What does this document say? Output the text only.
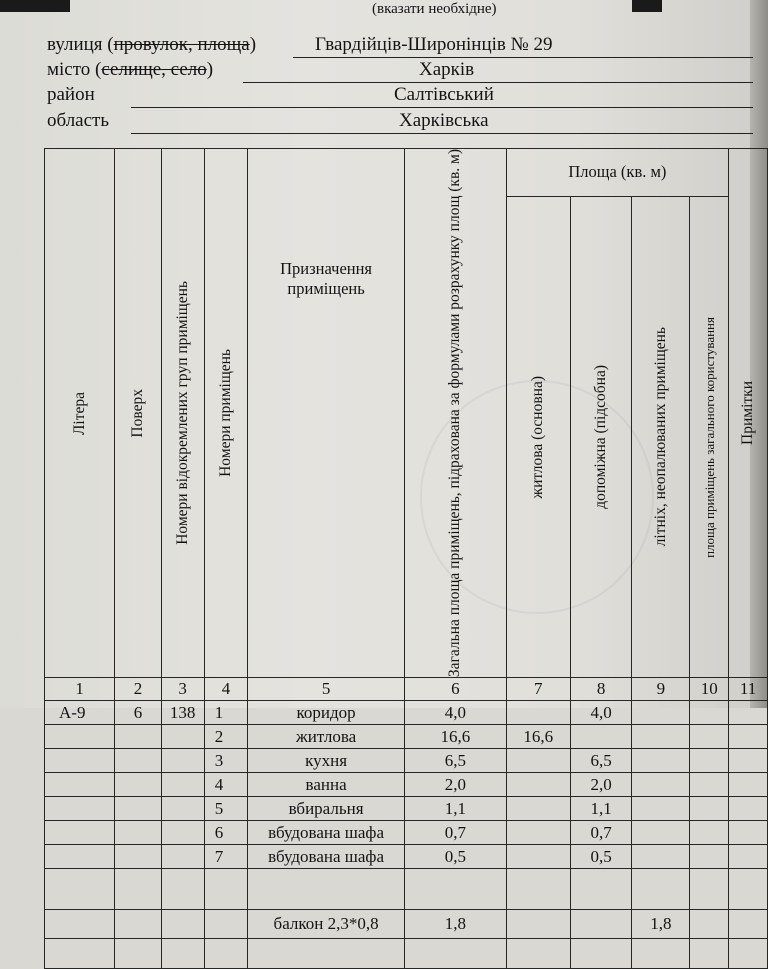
(вказати необхідне)
вулиця (провулок, площа)	Гвардійців-Широнінців № 29
місто (селище, село)	Харків
район	Салтівський
область	Харківська
Літера	Поверх	Номери відокремлених груп приміщень	Номери приміщень	Призначення приміщень	Загальна площа приміщень, підрахована за формулами розрахунку площ (кв. м)	Площа (кв. м)				Примітки

						житлова (основна)	допоміжна (підсобна)	літніх, неопалюваних приміщень	площа приміщень загального користування	

1	2	3	4	5	6	7	8	9	10	11
А-9	6	138	1	коридор	4,0		4,0			
			2	житлова	16,6	16,6				
			3	кухня	6,5		6,5			
			4	ванна	2,0		2,0			
			5	вбиральня	1,1		1,1			
			6	вбудована шафа	0,7		0,7			
			7	вбудована шафа	0,5		0,5			

				балкон 2,3*0,8	1,8			1,8		
